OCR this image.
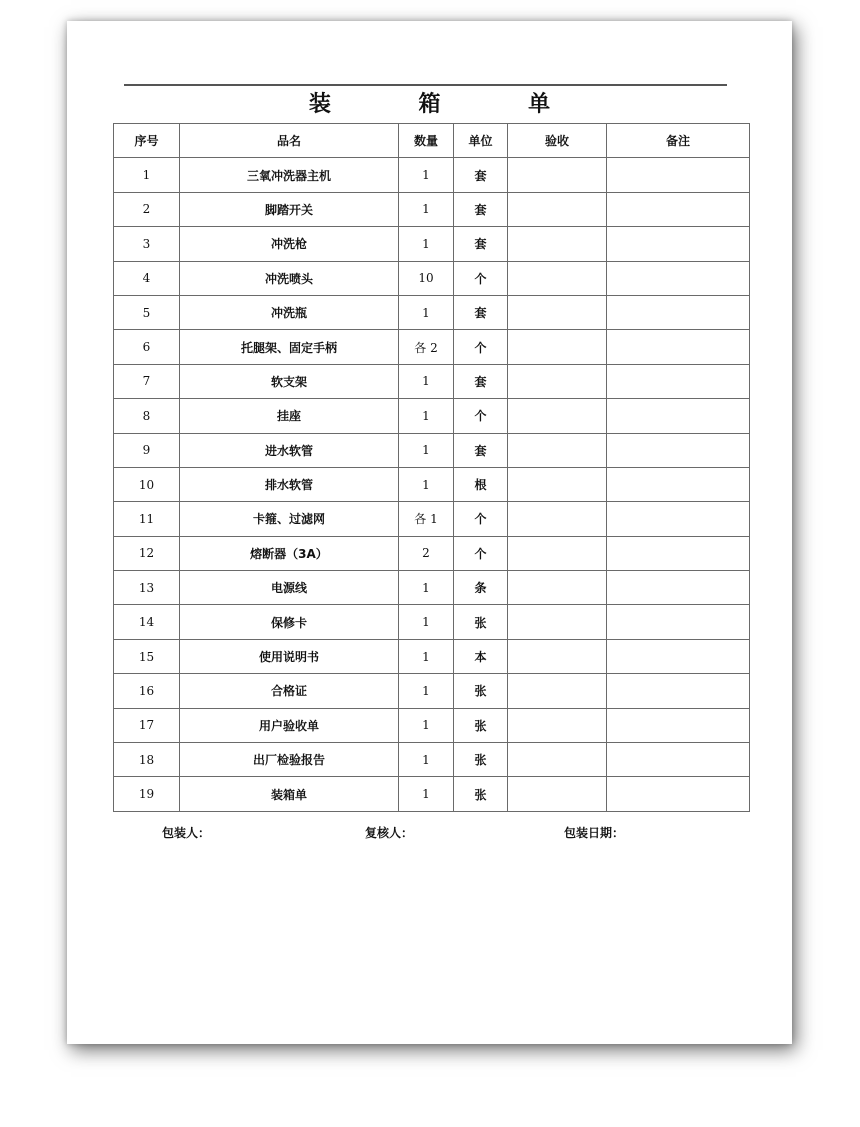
装 箱 单
序号	品名	数量	单位	验收	备注
1	三氧冲洗器主机	1	套		
2	脚踏开关	1	套		
3	冲洗枪	1	套		
4	冲洗喷头	10	个		
5	冲洗瓶	1	套		
6	托腿架、固定手柄	各 2	个		
7	软支架	1	套		
8	挂座	1	个		
9	进水软管	1	套		
10	排水软管	1	根		
11	卡箍、过滤网	各 1	个		
12	熔断器（3A）	2	个		
13	电源线	1	条		
14	保修卡	1	张		
15	使用说明书	1	本		
16	合格证	1	张		
17	用户验收单	1	张		
18	出厂检验报告	1	张		
19	装箱单	1	张		
包装人：	复核人：	包装日期：
